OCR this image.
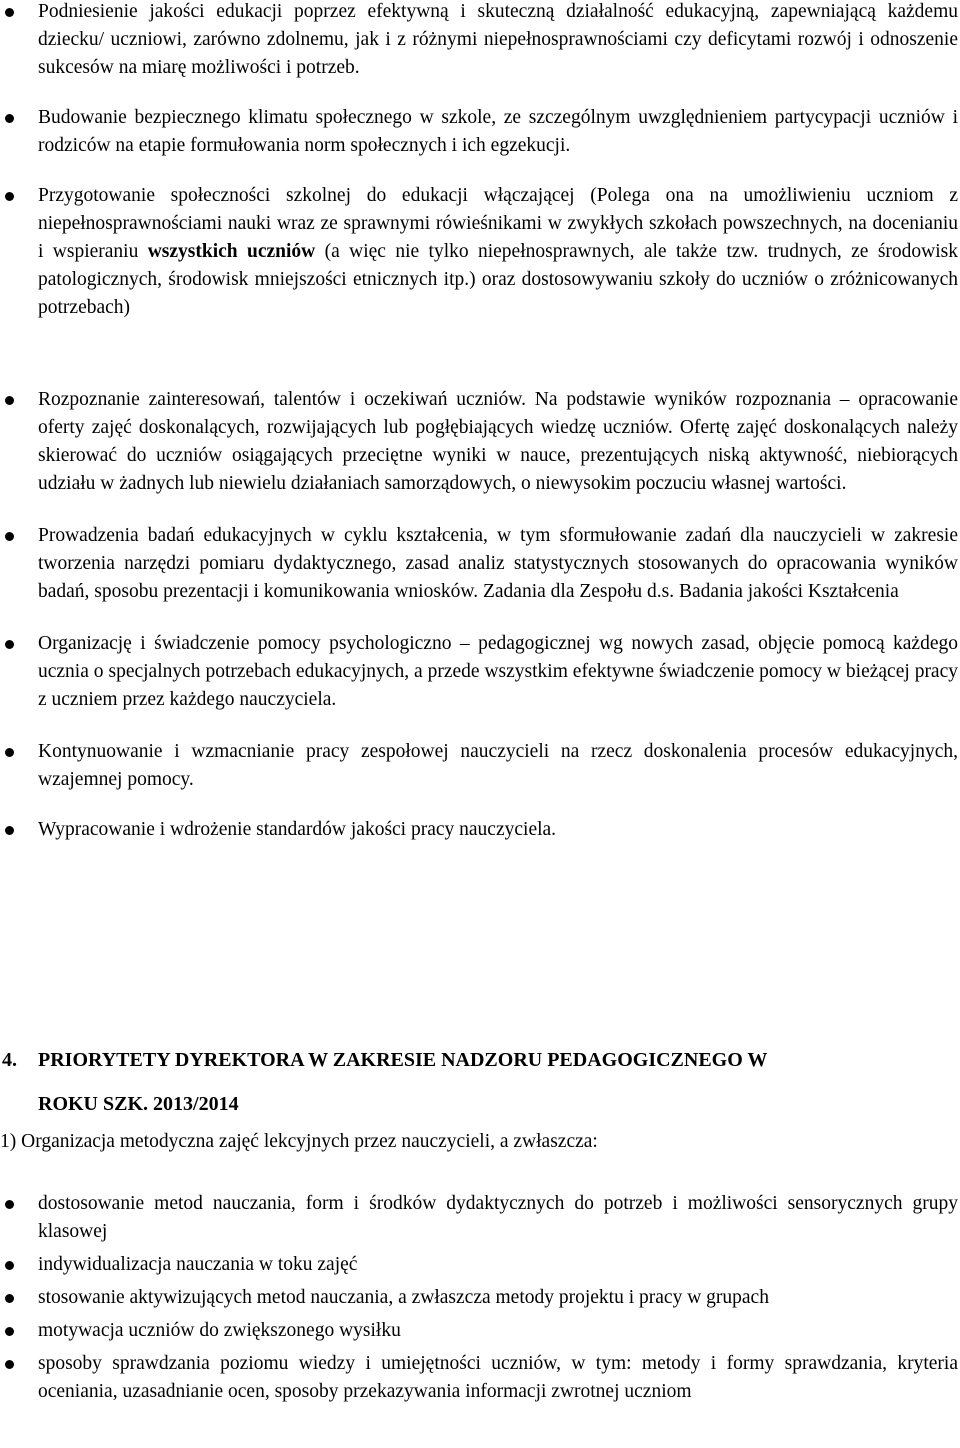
Podniesienie jakości edukacji poprzez efektywną i skuteczną działalność edukacyjną, zapewniającą każdemu dziecku/ uczniowi, zarówno zdolnemu, jak i z różnymi niepełnosprawnościami czy deficytami rozwój i odnoszenie sukcesów na miarę możliwości i potrzeb.
Budowanie bezpiecznego klimatu społecznego w szkole, ze szczególnym uwzględnieniem partycypacji uczniów i rodziców na etapie formułowania norm społecznych i ich egzekucji.
Przygotowanie społeczności szkolnej do edukacji włączającej (Polega ona na umożliwieniu uczniom z niepełnosprawnościami nauki wraz ze sprawnymi rówieśnikami w zwykłych szkołach powszechnych, na docenianiu i wspieraniu wszystkich uczniów (a więc nie tylko niepełnosprawnych, ale także tzw. trudnych, ze środowisk patologicznych, środowisk mniejszości etnicznych itp.) oraz dostosowywaniu szkoły do uczniów o zróżnicowanych potrzebach)
Rozpoznanie zainteresowań, talentów i oczekiwań uczniów. Na podstawie wyników rozpoznania – opracowanie oferty zajęć doskonalących, rozwijających lub pogłębiających wiedzę uczniów. Ofertę zajęć doskonalących należy skierować do uczniów osiągających przeciętne wyniki w nauce, prezentujących niską aktywność, niebiorących udziału w żadnych lub niewielu działaniach samorządowych, o niewysokim poczuciu własnej wartości.
Prowadzenia badań edukacyjnych w cyklu kształcenia, w tym sformułowanie zadań dla nauczycieli w zakresie tworzenia narzędzi pomiaru dydaktycznego, zasad analiz statystycznych stosowanych do opracowania wyników badań, sposobu prezentacji i komunikowania wniosków. Zadania dla Zespołu d.s. Badania jakości Kształcenia
Organizację i świadczenie pomocy psychologiczno – pedagogicznej wg nowych zasad, objęcie pomocą każdego ucznia o specjalnych potrzebach edukacyjnych, a przede wszystkim efektywne świadczenie pomocy w bieżącej pracy z uczniem przez każdego nauczyciela.
Kontynuowanie i wzmacnianie pracy zespołowej nauczycieli na rzecz doskonalenia procesów edukacyjnych, wzajemnej pomocy.
Wypracowanie i wdrożenie standardów jakości pracy nauczyciela.
4. PRIORYTETY DYREKTORA W ZAKRESIE NADZORU PEDAGOGICZNEGO W
ROKU SZK. 2013/2014
1) Organizacja metodyczna zajęć lekcyjnych przez nauczycieli, a zwłaszcza:
dostosowanie metod nauczania, form i środków dydaktycznych do potrzeb i możliwości sensorycznych grupy klasowej
indywidualizacja nauczania w toku zajęć
stosowanie aktywizujących metod nauczania, a zwłaszcza metody projektu i pracy w grupach
motywacja uczniów do zwiększonego wysiłku
sposoby sprawdzania poziomu wiedzy i umiejętności uczniów, w tym: metody i formy sprawdzania, kryteria oceniania, uzasadnianie ocen, sposoby przekazywania informacji zwrotnej uczniom
